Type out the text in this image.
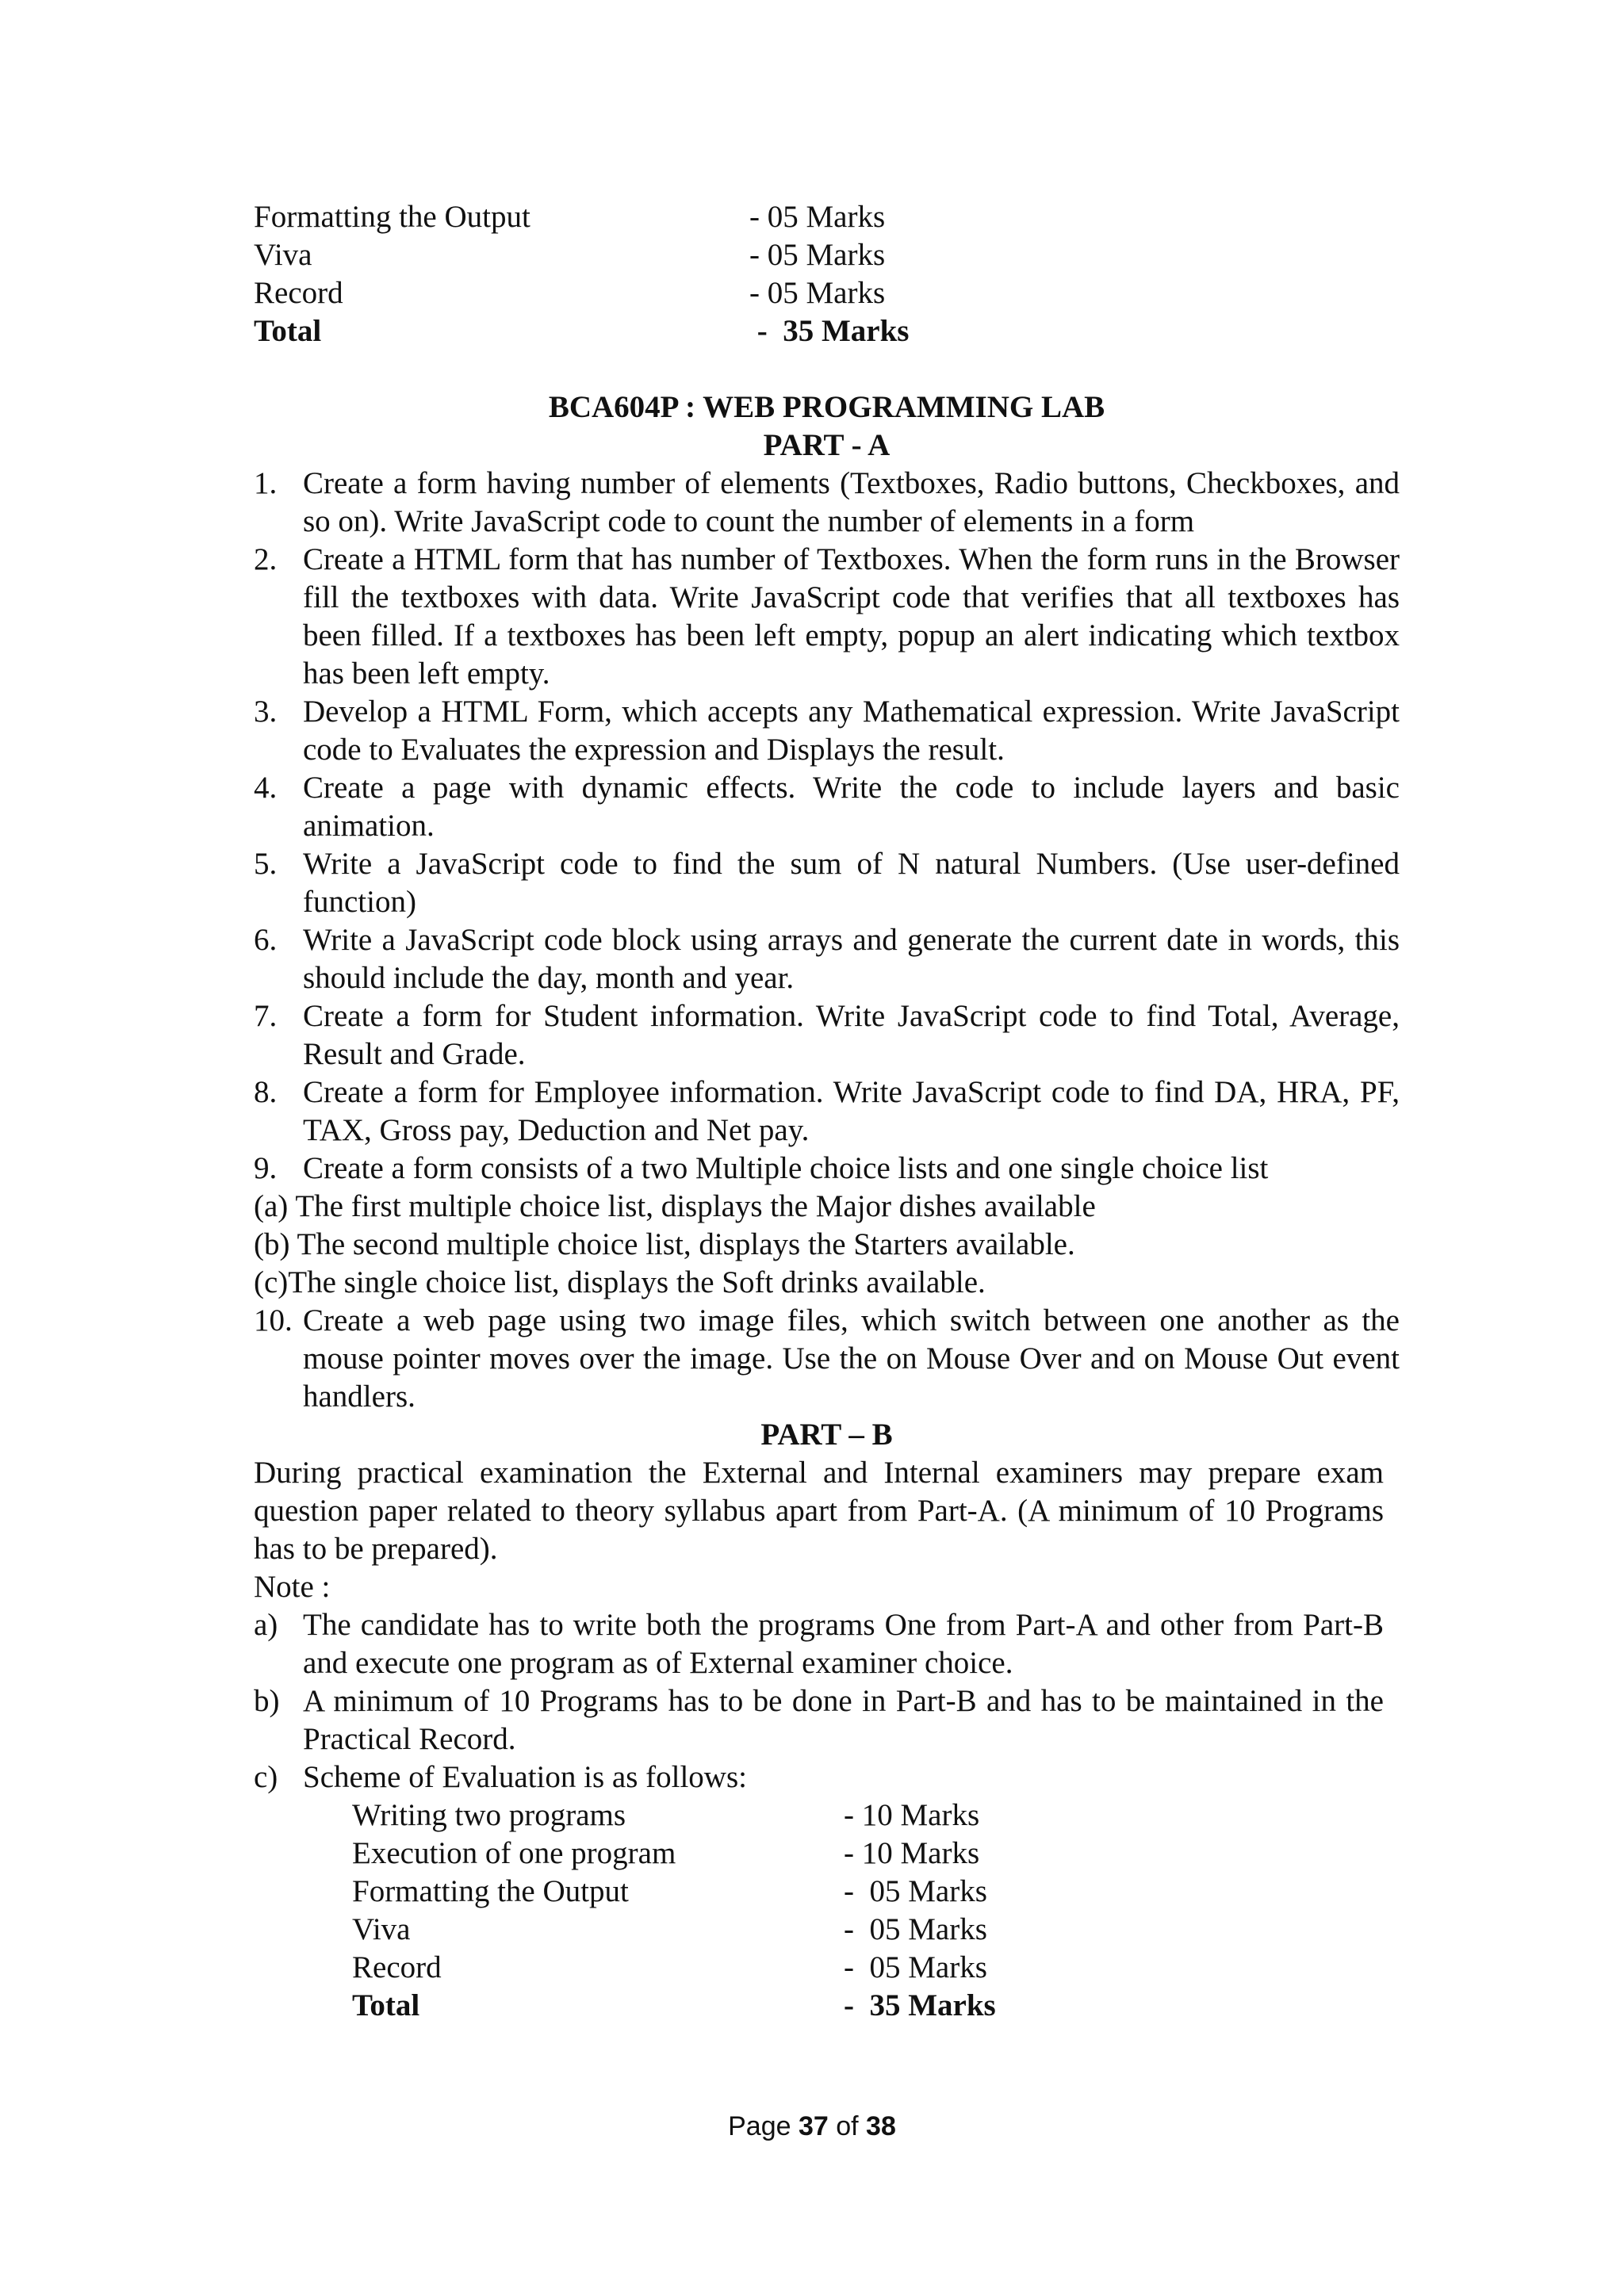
Formatting the Output	- 05 Marks
Viva	- 05 Marks
Record	- 05 Marks
Total	-  35 Marks
BCA604P : WEB PROGRAMMING LAB
PART - A
1. Create a form having number of elements (Textboxes, Radio buttons, Checkboxes, and so on). Write JavaScript code to count the number of elements in a form
2. Create a HTML form that has number of Textboxes. When the form runs in the Browser fill the textboxes with data. Write JavaScript code that verifies that all textboxes has been filled. If a textboxes has been left empty, popup an alert indicating which textbox has been left empty.
3. Develop a HTML Form, which accepts any Mathematical expression. Write JavaScript code to Evaluates the expression and Displays the result.
4. Create a page with dynamic effects. Write the code to include layers and basic animation.
5. Write a JavaScript code to find the sum of N natural Numbers. (Use user-defined function)
6. Write a JavaScript code block using arrays and generate the current date in words, this should include the day, month and year.
7. Create a form for Student information. Write JavaScript code to find Total, Average, Result and Grade.
8. Create a form for Employee information. Write JavaScript code to find DA, HRA, PF, TAX, Gross pay, Deduction and Net pay.
9. Create a form consists of a two Multiple choice lists and one single choice list
(a) The first multiple choice list, displays the Major dishes available
(b) The second multiple choice list, displays the Starters available.
(c)The single choice list, displays the Soft drinks available.
10. Create a web page using two image files, which switch between one another as the mouse pointer moves over the image. Use the on Mouse Over and on Mouse Out event handlers.
PART – B
During practical examination the External and Internal examiners may prepare exam question paper related to theory syllabus apart from Part-A. (A minimum of 10 Programs has to be prepared).
Note :
a) The candidate has to write both the programs One from Part-A and other from Part-B and execute one program as of External examiner choice.
b) A minimum of 10 Programs has to be done in Part-B and has to be maintained in the Practical Record.
c) Scheme of Evaluation is as follows:
Writing two programs	- 10 Marks
Execution of one program	- 10 Marks
Formatting the Output	-  05 Marks
Viva	-  05 Marks
Record	-  05 Marks
Total	-  35 Marks
Page 37 of 38
